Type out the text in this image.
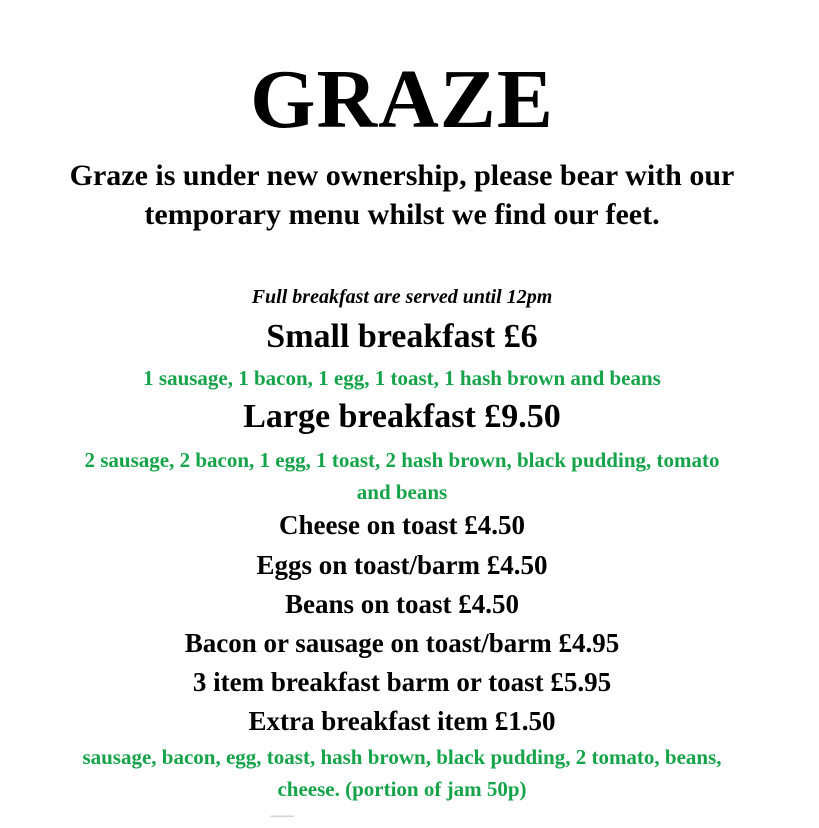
GRAZE
Graze is under new ownership, please bear with our temporary menu whilst we find our feet.
Full breakfast are served until 12pm
Small breakfast £6
1 sausage, 1 bacon, 1 egg, 1 toast, 1 hash brown and beans
Large breakfast £9.50
2 sausage, 2 bacon, 1 egg, 1 toast, 2 hash brown, black pudding, tomato and beans
Cheese on toast £4.50
Eggs on toast/barm £4.50
Beans on toast £4.50
Bacon or sausage on toast/barm £4.95
3 item breakfast barm or toast £5.95
Extra breakfast item £1.50
sausage, bacon, egg, toast, hash brown, black pudding, 2 tomato, beans, cheese. (portion of jam 50p)
▔▔▔
